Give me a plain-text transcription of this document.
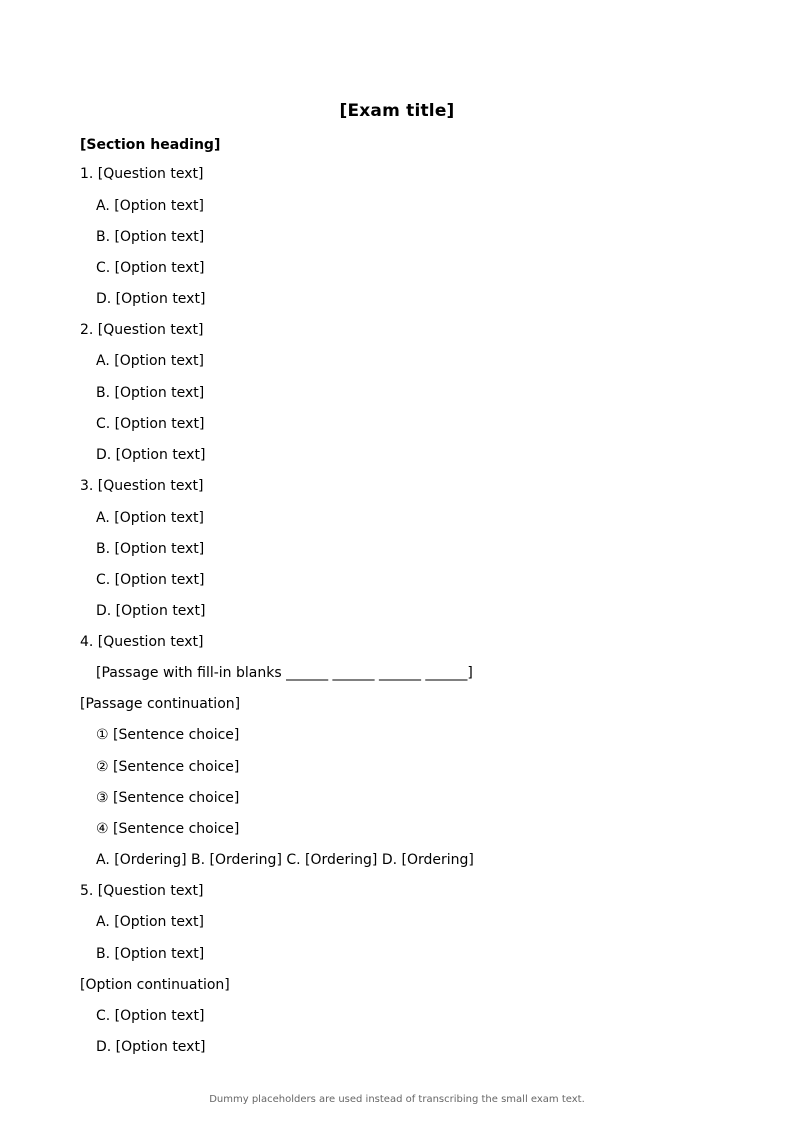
[Exam title]
[Section heading]
1. [Question text]
A. [Option text]
B. [Option text]
C. [Option text]
D. [Option text]
2. [Question text]
A. [Option text]
B. [Option text]
C. [Option text]
D. [Option text]
3. [Question text]
A. [Option text]
B. [Option text]
C. [Option text]
D. [Option text]
4. [Question text]
[Passage with fill-in blanks ______ ______ ______ ______]
[Passage continuation]
① [Sentence choice]
② [Sentence choice]
③ [Sentence choice]
④ [Sentence choice]
A. [Ordering] B. [Ordering] C. [Ordering] D. [Ordering]
5. [Question text]
A. [Option text]
B. [Option text]
[Option continuation]
C. [Option text]
D. [Option text]
Dummy placeholders are used instead of transcribing the small exam text.
